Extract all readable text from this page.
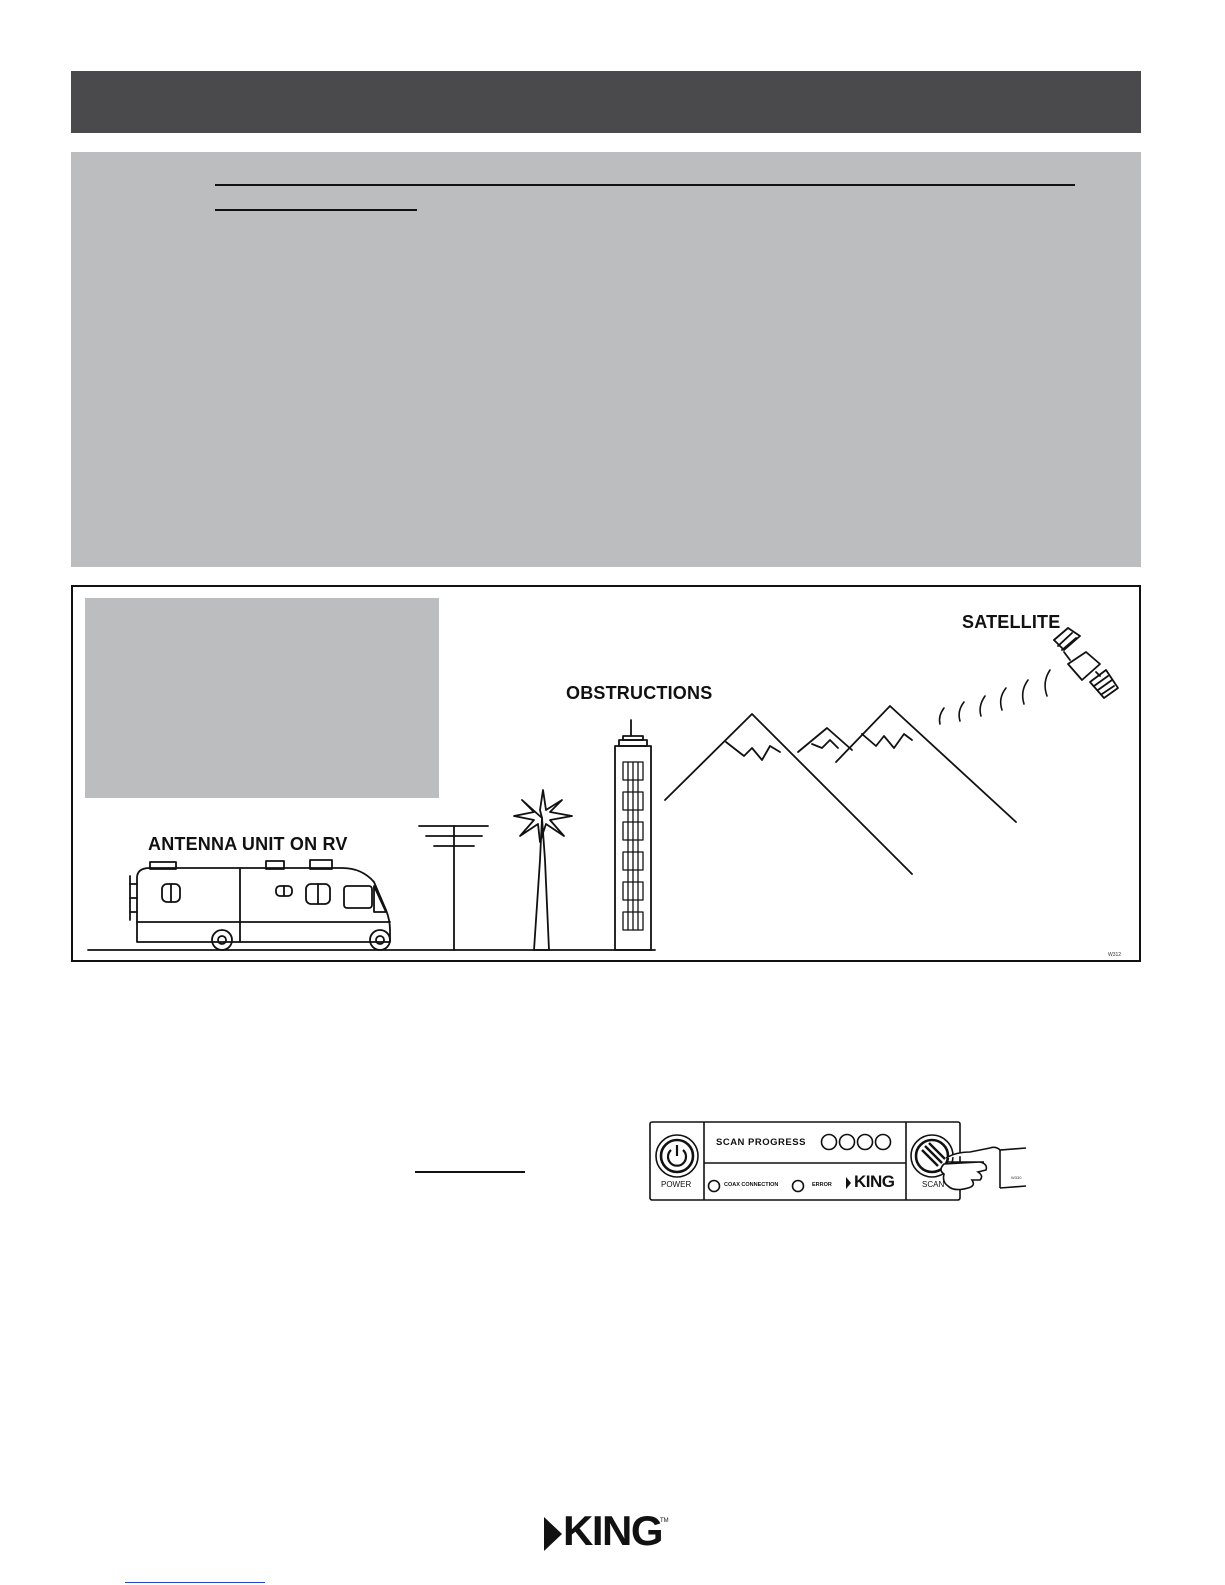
SATELLITE
OBSTRUCTIONS
ANTENNA UNIT ON RV
W312
SCAN PROGRESS
POWER	COAX CONNECTION	ERROR KING	SCAN
W330
KING
TM
